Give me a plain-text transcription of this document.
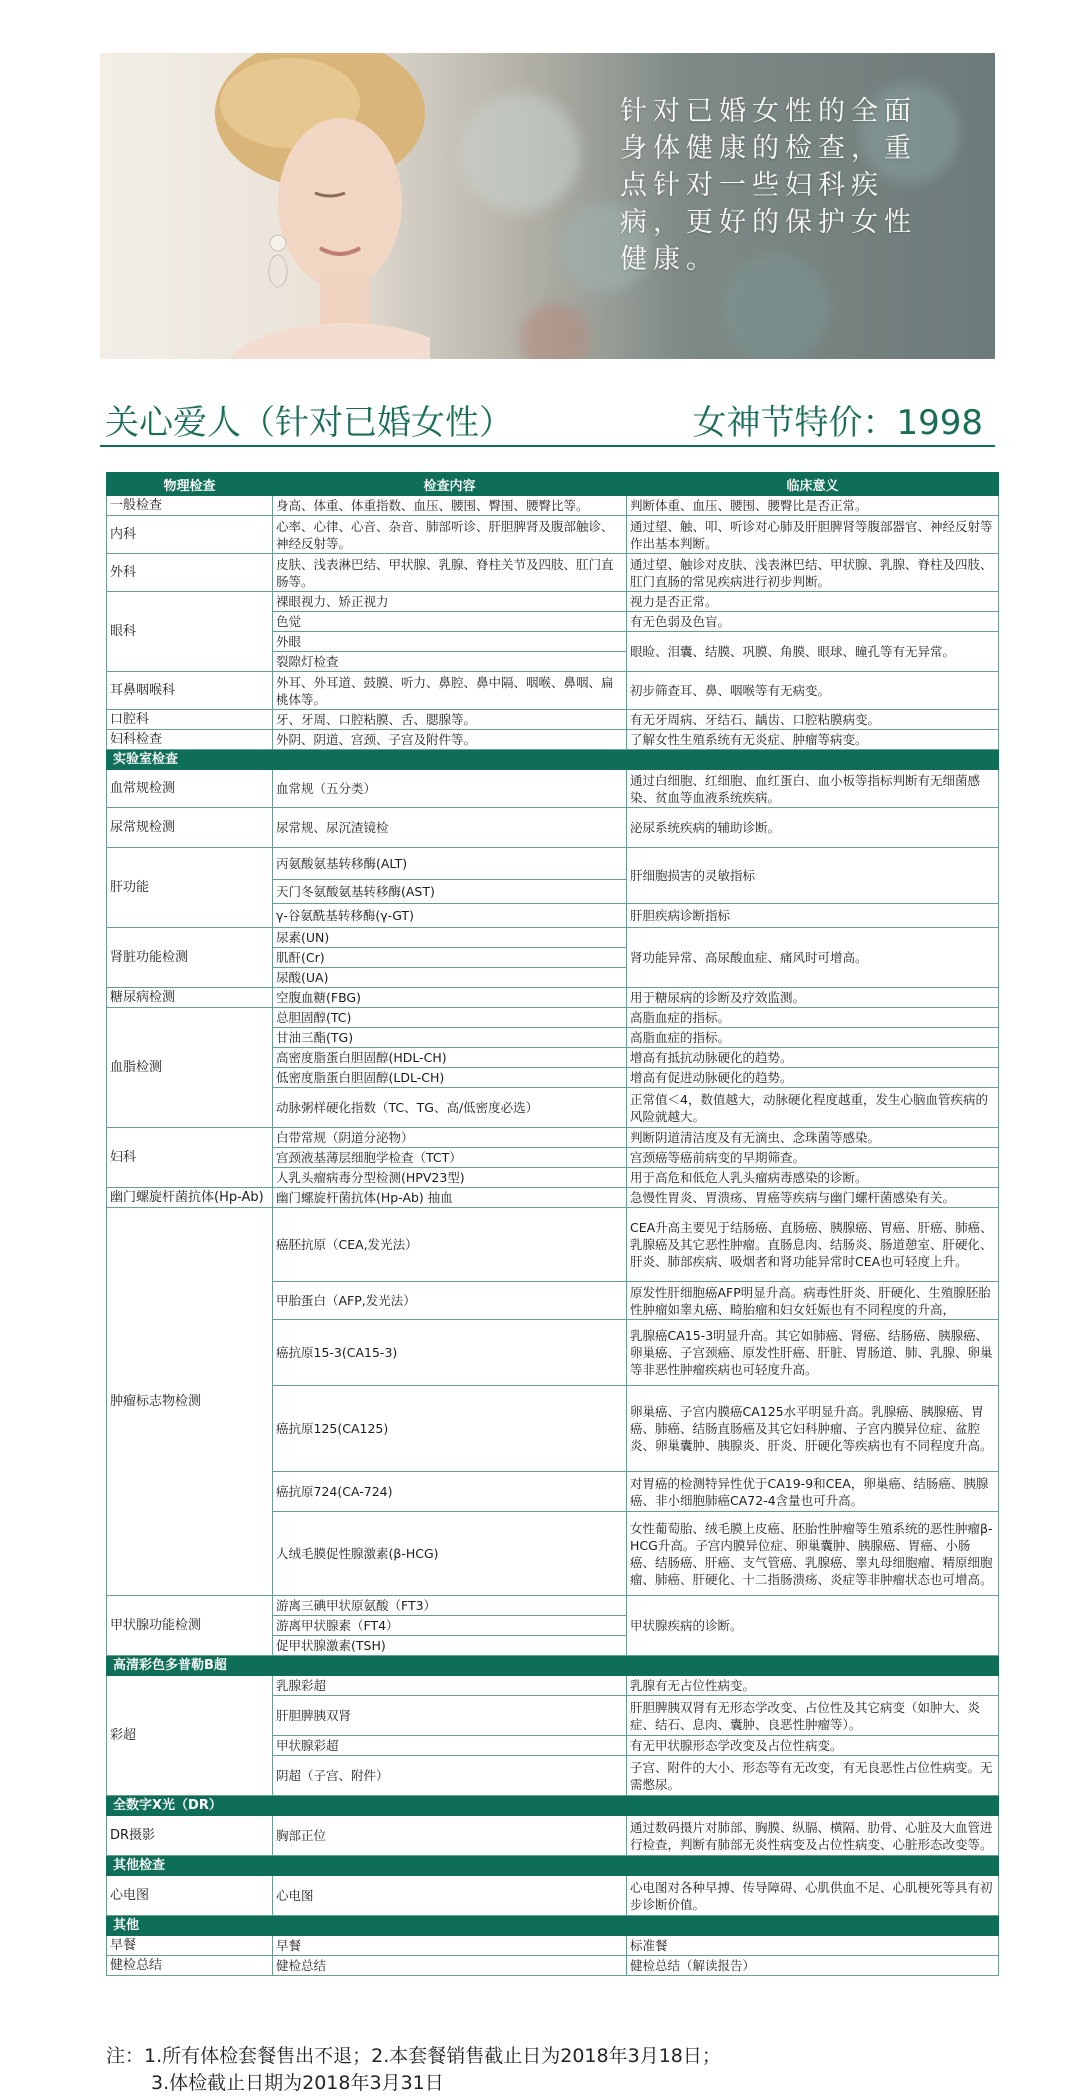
针对已婚女性的全面
身体健康的检查，重
点针对一些妇科疾
病，更好的保护女性
健康。
关心爱人（针对已婚女性）	女神节特价：1998
物理检查	检查内容	临床意义
一般检查	身高、体重、体重指数、血压、腰围、臀围、腰臀比等。	判断体重、血压、腰围、腰臀比是否正常。
内科	心率、心律、心音、杂音、肺部听诊、肝胆脾肾及腹部触诊、神经反射等。	通过望、触、叩、听诊对心肺及肝胆脾肾等腹部器官、神经反射等作出基本判断。
外科	皮肤、浅表淋巴结、甲状腺、乳腺、脊柱关节及四肢、肛门直肠等。	通过望、触诊对皮肤、浅表淋巴结、甲状腺、乳腺、脊柱及四肢、肛门直肠的常见疾病进行初步判断。
眼科	裸眼视力、矫正视力	视力是否正常。
	色觉	有无色弱及色盲。
	外眼	眼睑、泪囊、结膜、巩膜、角膜、眼球、瞳孔等有无异常。
	裂隙灯检查	
耳鼻咽喉科	外耳、外耳道、鼓膜、听力、鼻腔、鼻中隔、咽喉、鼻咽、扁桃体等。	初步筛查耳、鼻、咽喉等有无病变。
口腔科	牙、牙周、口腔粘膜、舌、腮腺等。	有无牙周病、牙结石、龋齿、口腔粘膜病变。
妇科检查	外阴、阴道、宫颈、子宫及附件等。	了解女性生殖系统有无炎症、肿瘤等病变。
实验室检查		
血常规检测	血常规（五分类）	通过白细胞、红细胞、血红蛋白、血小板等指标判断有无细菌感染、贫血等血液系统疾病。
尿常规检测	尿常规、尿沉渣镜检	泌尿系统疾病的辅助诊断。
肝功能	丙氨酸氨基转移酶(ALT)	肝细胞损害的灵敏指标
	天门冬氨酸氨基转移酶(AST)	
	γ-谷氨酰基转移酶(γ-GT)	肝胆疾病诊断指标
肾脏功能检测	尿素(UN)	肾功能异常、高尿酸血症、痛风时可增高。
	肌酐(Cr)	
	尿酸(UA)	
糖尿病检测	空腹血糖(FBG)	用于糖尿病的诊断及疗效监测。
血脂检测	总胆固醇(TC)	高脂血症的指标。
	甘油三酯(TG)	高脂血症的指标。
	高密度脂蛋白胆固醇(HDL-CH)	增高有抵抗动脉硬化的趋势。
	低密度脂蛋白胆固醇(LDL-CH)	增高有促进动脉硬化的趋势。
	动脉粥样硬化指数（TC、TG、高/低密度必选）	正常值＜4，数值越大，动脉硬化程度越重，发生心脑血管疾病的风险就越大。
妇科	白带常规（阴道分泌物）	判断阴道清洁度及有无滴虫、念珠菌等感染。
	宫颈液基薄层细胞学检查（TCT）	宫颈癌等癌前病变的早期筛查。
	人乳头瘤病毒分型检测(HPV23型)	用于高危和低危人乳头瘤病毒感染的诊断。
幽门螺旋杆菌抗体(Hp-Ab)	幽门螺旋杆菌抗体(Hp-Ab) 抽血	急慢性胃炎、胃溃疡、胃癌等疾病与幽门螺杆菌感染有关。
肿瘤标志物检测	癌胚抗原（CEA,发光法）	CEA升高主要见于结肠癌、直肠癌、胰腺癌、胃癌、肝癌、肺癌、乳腺癌及其它恶性肿瘤。直肠息肉、结肠炎、肠道憩室、肝硬化、肝炎、肺部疾病、吸烟者和肾功能异常时CEA也可轻度上升。
	甲胎蛋白（AFP,发光法）	原发性肝细胞癌AFP明显升高。病毒性肝炎、肝硬化、生殖腺胚胎性肿瘤如睾丸癌、畸胎瘤和妇女妊娠也有不同程度的升高，
	癌抗原15-3(CA15-3)	乳腺癌CA15-3明显升高。其它如肺癌、肾癌、结肠癌、胰腺癌、卵巢癌、子宫颈癌、原发性肝癌、肝脏、胃肠道、肺、乳腺、卵巢等非恶性肿瘤疾病也可轻度升高。
	癌抗原125(CA125)	卵巢癌、子宫内膜癌CA125水平明显升高。乳腺癌、胰腺癌、胃癌、肺癌、结肠直肠癌及其它妇科肿瘤、子宫内膜异位症、盆腔炎、卵巢囊肿、胰腺炎、肝炎、肝硬化等疾病也有不同程度升高。
	癌抗原724(CA-724)	对胃癌的检测特异性优于CA19-9和CEA，卵巢癌、结肠癌、胰腺癌、非小细胞肺癌CA72-4含量也可升高。
	人绒毛膜促性腺激素(β-HCG)	女性葡萄胎、绒毛膜上皮癌、胚胎性肿瘤等生殖系统的恶性肿瘤β-HCG升高。子宫内膜异位症、卵巢囊肿、胰腺癌、胃癌、小肠癌、结肠癌、肝癌、支气管癌、乳腺癌、睾丸母细胞瘤、精原细胞瘤、肺癌、肝硬化、十二指肠溃疡、炎症等非肿瘤状态也可增高。
甲状腺功能检测	游离三碘甲状原氨酸（FT3）	甲状腺疾病的诊断。
	游离甲状腺素（FT4）	
	促甲状腺激素(TSH)	
高清彩色多普勒B超		
彩超	乳腺彩超	乳腺有无占位性病变。
	肝胆脾胰双肾	肝胆脾胰双肾有无形态学改变、占位性及其它病变（如肿大、炎症、结石、息肉、囊肿、良恶性肿瘤等）。
	甲状腺彩超	有无甲状腺形态学改变及占位性病变。
	阴超（子宫、附件）	子宫、附件的大小、形态等有无改变，有无良恶性占位性病变。无需憋尿。
全数字X光（DR）		
DR摄影	胸部正位	通过数码摄片对肺部、胸膜、纵膈、横隔、肋骨、心脏及大血管进行检查，判断有肺部无炎性病变及占位性病变、心脏形态改变等。
其他检查		
心电图	心电图	心电图对各种早搏、传导障碍、心肌供血不足、心肌梗死等具有初步诊断价值。
其他		
早餐	早餐	标准餐
健检总结	健检总结	健检总结（解读报告）
注：1.所有体检套餐售出不退；2.本套餐销售截止日为2018年3月18日；
3.体检截止日期为2018年3月31日
